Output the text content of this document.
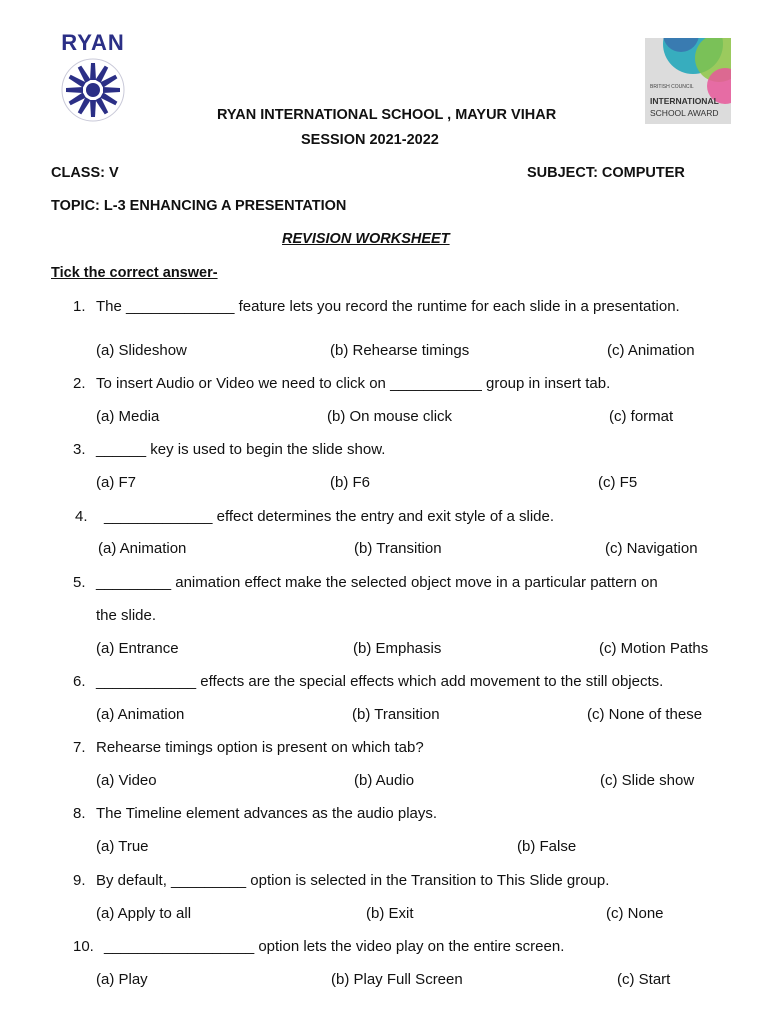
RYAN
BRITISH COUNCIL
INTERNATIONAL
SCHOOL AWARD
RYAN INTERNATIONAL SCHOOL , MAYUR VIHAR
SESSION 2021-2022
CLASS: V	SUBJECT: COMPUTER
TOPIC: L-3 ENHANCING A PRESENTATION
REVISION WORKSHEET
Tick the correct answer-
1. The _____________ feature lets you record the runtime for each slide in a presentation.
(a) Slideshow	(b) Rehearse timings	(c) Animation
2. To insert Audio or Video we need to click on ___________ group in insert tab.
(a) Media	(b) On mouse click	(c) format
3. ______ key is used to begin the slide show.
(a) F7	(b) F6	(c) F5
4. _____________ effect determines the entry and exit style of a slide.
(a) Animation	(b) Transition	(c) Navigation
5. _________ animation effect make the selected object move in a particular pattern on
the slide.
(a) Entrance	(b) Emphasis	(c) Motion Paths
6. ____________ effects are the special effects which add movement to the still objects.
(a) Animation	(b) Transition	(c) None of these
7. Rehearse timings option is present on which tab?
(a) Video	(b) Audio	(c) Slide show
8. The Timeline element advances as the audio plays.
(a) True	(b) False
9. By default, _________ option is selected in the Transition to This Slide group.
(a) Apply to all	(b) Exit	(c) None
10. __________________ option lets the video play on the entire screen.
(a) Play	(b) Play Full Screen	(c) Start
